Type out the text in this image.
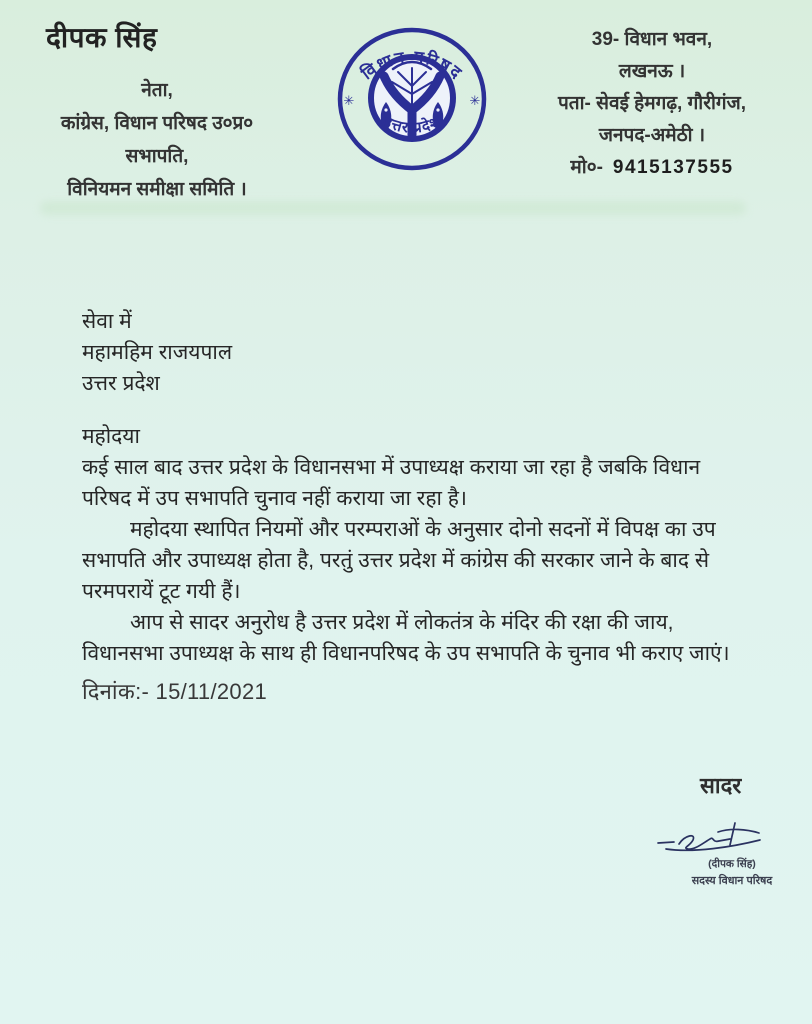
दीपक सिंह
नेता,
कांग्रेस, विधान परिषद उ०प्र०
सभापति,
विनियमन समीक्षा समिति ।
विधान परिषद
उत्तर प्रदेश
✳	✳
39- विधान भवन,
लखनऊ ।
पता- सेवई हेमगढ़, गौरीगंज,
जनपद-अमेठी ।
मो०- 9415137555
सेवा में
महामहिम राजयपाल
उत्तर प्रदेश
महोदया

कई साल बाद उत्तर प्रदेश के विधानसभा में उपाध्यक्ष कराया जा रहा है जबकि विधान परिषद में उप सभापति चुनाव नहीं कराया जा रहा है।

महोदया स्थापित नियमों और परम्पराओं के अनुसार दोनो सदनों में विपक्ष का उप सभापति और उपाध्यक्ष होता है, परतुं उत्तर प्रदेश में कांग्रेस की सरकार जाने के बाद से परमपरायें टूट गयी हैं।

आप से सादर अनुरोध है उत्तर प्रदेश में लोकतंत्र के मंदिर की रक्षा की जाय, विधानसभा उपाध्यक्ष के साथ ही विधानपरिषद के उप सभापति के चुनाव भी कराए जाएं।

दिनांक:- 15/11/2021
सादर
(दीपक सिंह)
सदस्य विधान परिषद
